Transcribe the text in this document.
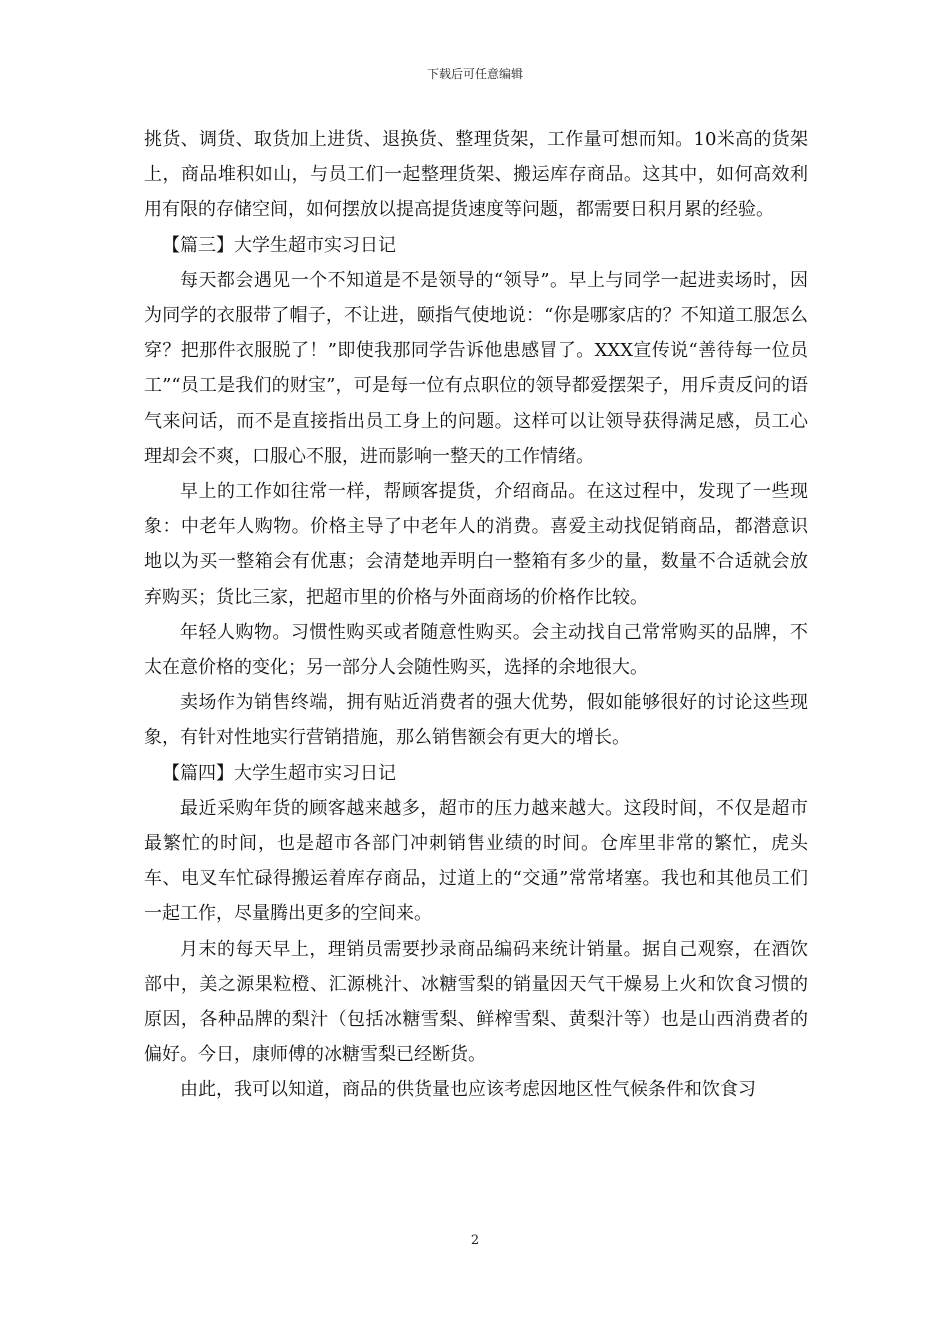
下载后可任意编辑

挑货、调货、取货加上进货、退换货、整理货架，工作量可想而知。10米高的货架上，商品堆积如山，与员工们一起整理货架、搬运库存商品。这其中，如何高效利用有限的存储空间，如何摆放以提高提货速度等问题，都需要日积月累的经验。

【篇三】大学生超市实习日记

每天都会遇见一个不知道是不是领导的“领导”。早上与同学一起进卖场时，因为同学的衣服带了帽子，不让进，颐指气使地说：“你是哪家店的？不知道工服怎么穿？把那件衣服脱了！”即使我那同学告诉他患感冒了。XXX宣传说“善待每一位员工”“员工是我们的财宝”，可是每一位有点职位的领导都爱摆架子，用斥责反问的语气来问话，而不是直接指出员工身上的问题。这样可以让领导获得满足感，员工心理却会不爽，口服心不服，进而影响一整天的工作情绪。

早上的工作如往常一样，帮顾客提货，介绍商品。在这过程中，发现了一些现象：中老年人购物。价格主导了中老年人的消费。喜爱主动找促销商品，都潜意识地以为买一整箱会有优惠；会清楚地弄明白一整箱有多少的量，数量不合适就会放弃购买；货比三家，把超市里的价格与外面商场的价格作比较。

年轻人购物。习惯性购买或者随意性购买。会主动找自己常常购买的品牌，不太在意价格的变化；另一部分人会随性购买，选择的余地很大。

卖场作为销售终端，拥有贴近消费者的强大优势，假如能够很好的讨论这些现象，有针对性地实行营销措施，那么销售额会有更大的增长。

【篇四】大学生超市实习日记

最近采购年货的顾客越来越多，超市的压力越来越大。这段时间，不仅是超市最繁忙的时间，也是超市各部门冲刺销售业绩的时间。仓库里非常的繁忙，虎头车、电叉车忙碌得搬运着库存商品，过道上的“交通”常常堵塞。我也和其他员工们一起工作，尽量腾出更多的空间来。

月末的每天早上，理销员需要抄录商品编码来统计销量。据自己观察，在酒饮部中，美之源果粒橙、汇源桃汁、冰糖雪梨的销量因天气干燥易上火和饮食习惯的原因，各种品牌的梨汁（包括冰糖雪梨、鲜榨雪梨、黄梨汁等）也是山西消费者的偏好。今日，康师傅的冰糖雪梨已经断货。

由此，我可以知道，商品的供货量也应该考虑因地区性气候条件和饮食习

2
